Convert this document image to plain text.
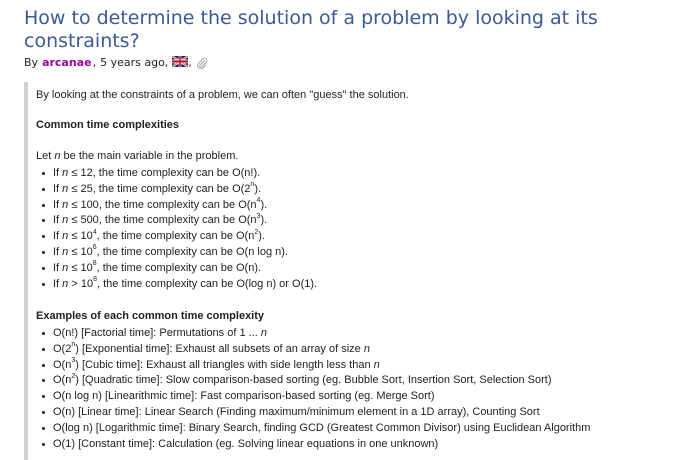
How to determine the solution of a problem by looking at its constraints?
By arcanae , 5 years ago, ,

By looking at the constraints of a problem, we can often "guess" the solution.

Common time complexities

Let n be the main variable in the problem.

If n ≤ 12, the time complexity can be O(n!).
If n ≤ 25, the time complexity can be O(2$^n$).
If n ≤ 100, the time complexity can be $O(n^4)$.
If n ≤ 500, the time complexity can be $O(n^3)$.
If $n \le 10^4$, the time complexity can be $O(n^2)$.
If $n \le 10^6$, the time complexity can be O(n log n).
If $n \le 10^8$, the time complexity can be O(n).
If $n > 10^8$, the time complexity can be O(log n) or O(1).

Examples of each common time complexity

O(n!) [Factorial time]: Permutations of 1 ... n
O(2$^n$) [Exponential time]: Exhaust all subsets of an array of size n
$O(n^3)$ [Cubic time]: Exhaust all triangles with side length less than n
$O(n^2)$ [Quadratic time]: Slow comparison-based sorting (eg. Bubble Sort, Insertion Sort, Selection Sort)
O(n log n) [Linearithmic time]: Fast comparison-based sorting (eg. Merge Sort)
O(n) [Linear time]: Linear Search (Finding maximum/minimum element in a 1D array), Counting Sort
O(log n) [Logarithmic time]: Binary Search, finding GCD (Greatest Common Divisor) using Euclidean Algorithm
O(1) [Constant time]: Calculation (eg. Solving linear equations in one unknown)
